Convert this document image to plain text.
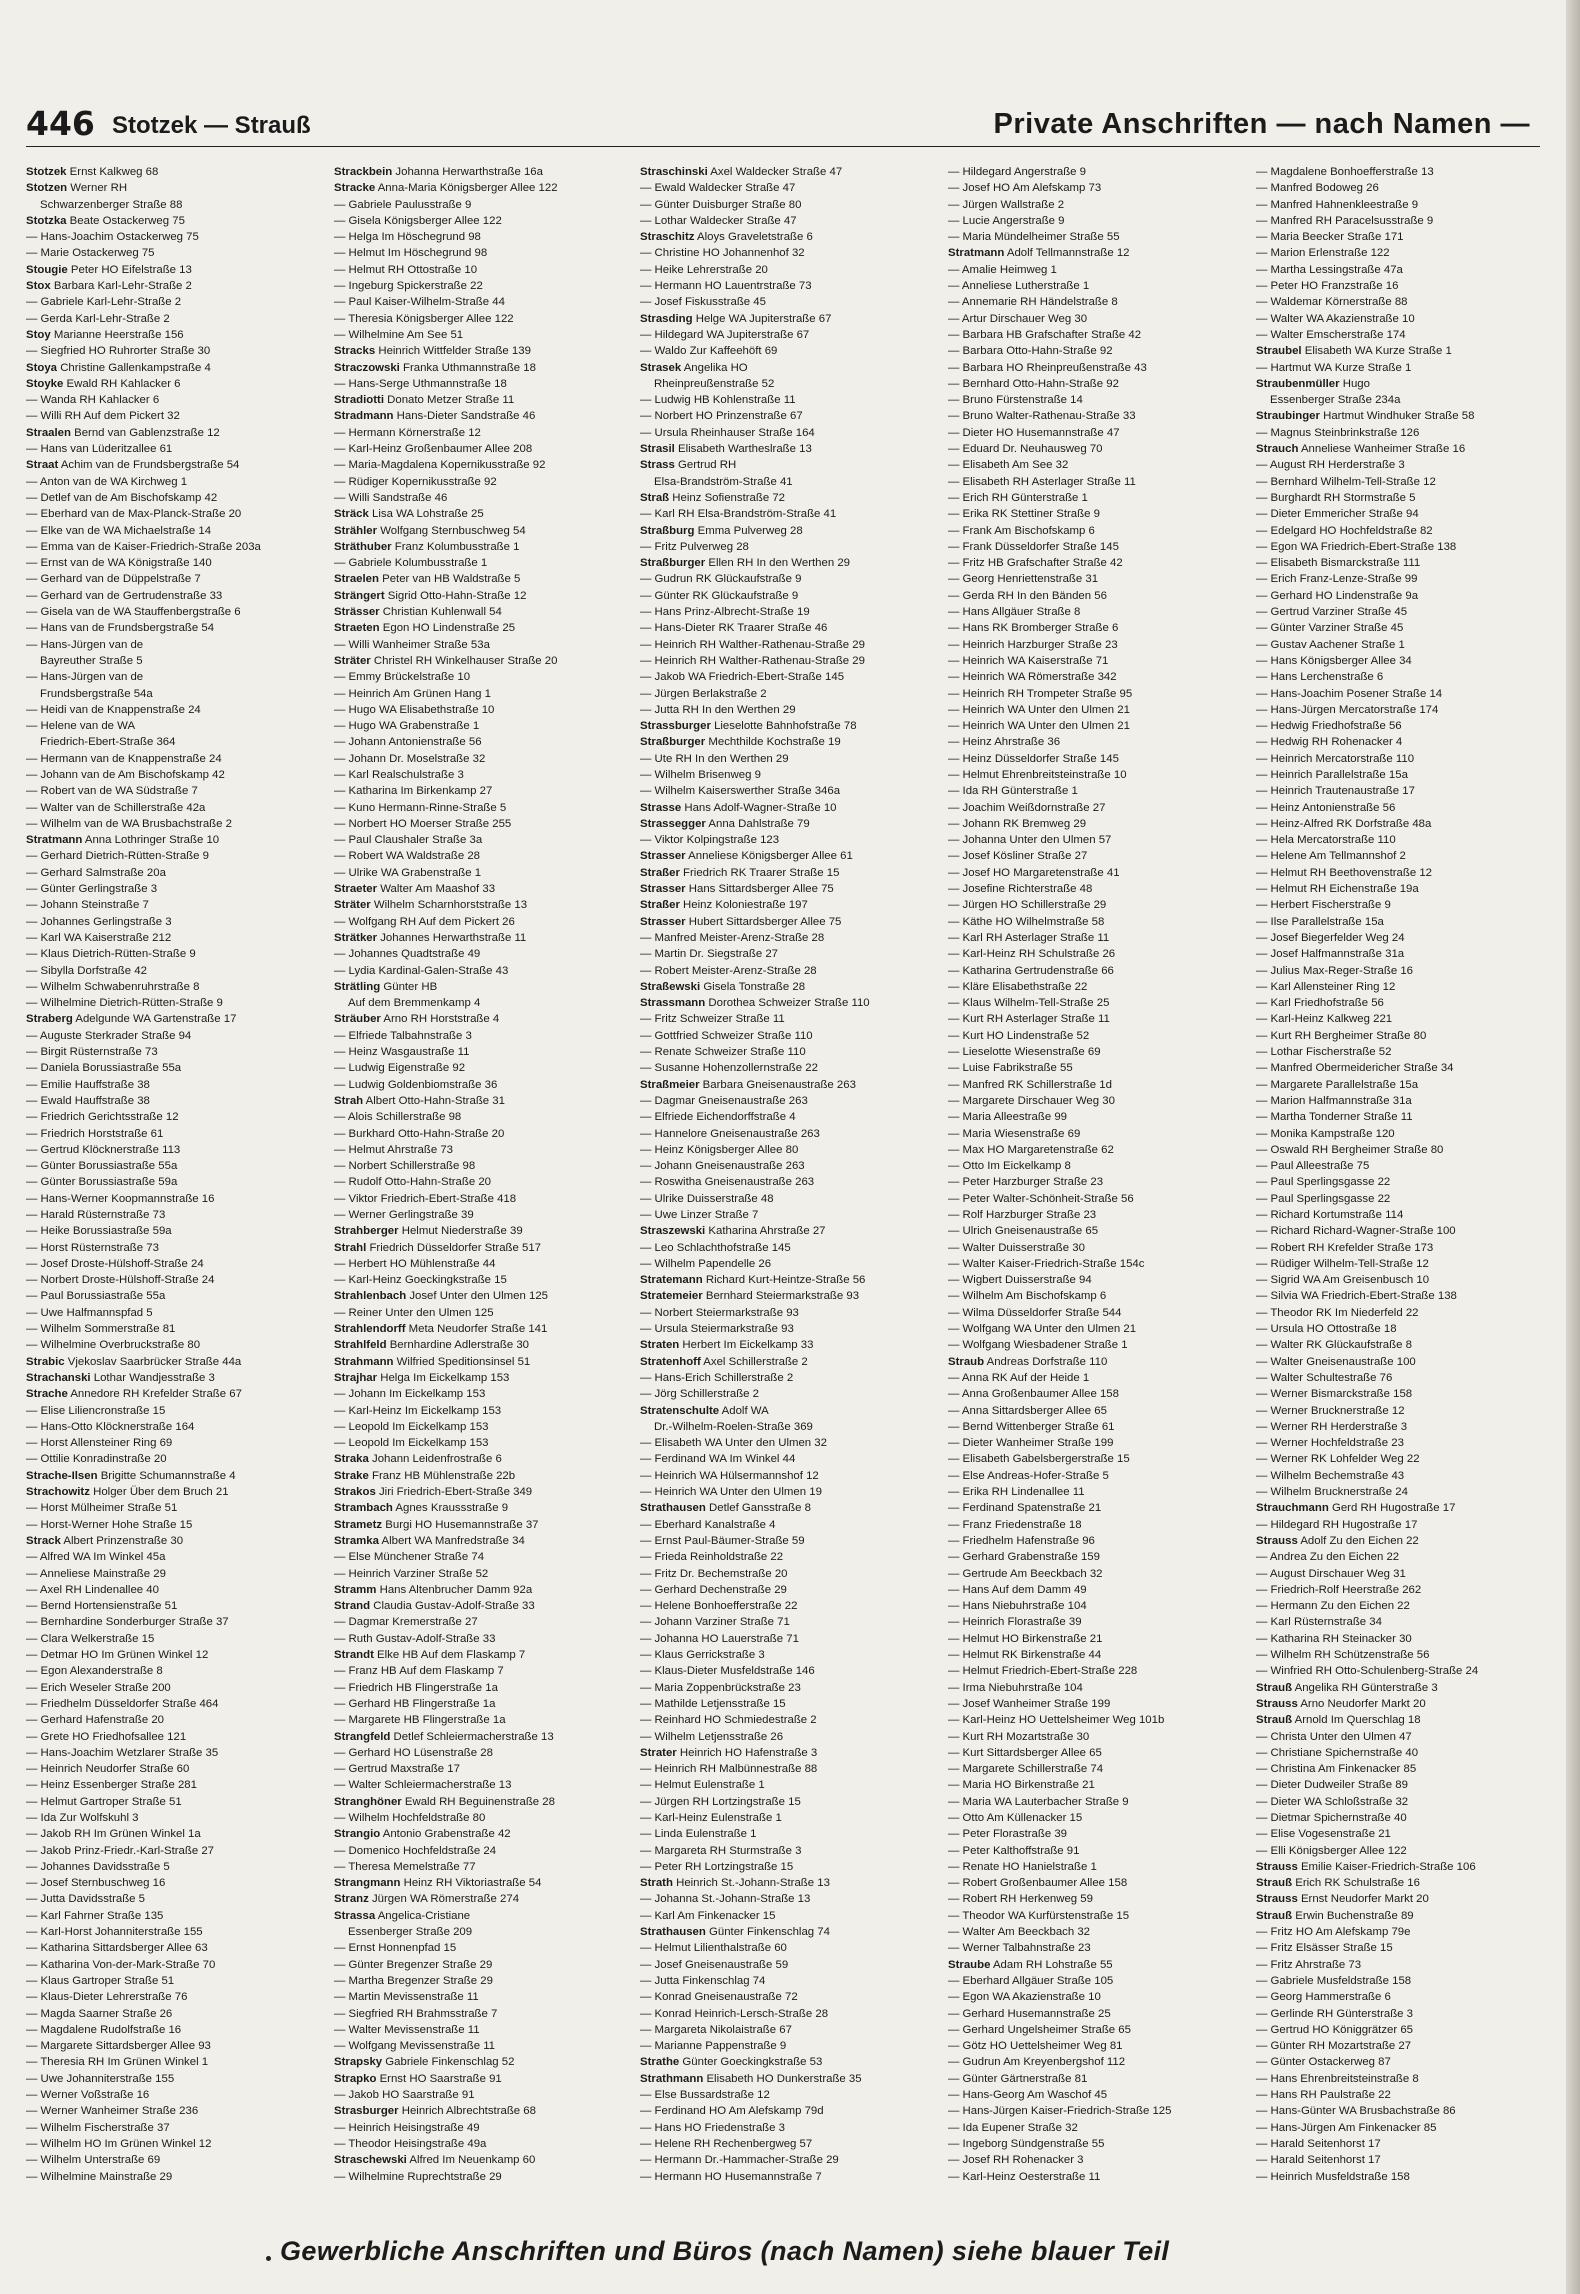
446 Stotzek — Strauß	Private Anschriften — nach Namen —
Stotzek Ernst Kalkweg 68
Stotzen Werner RH
Schwarzenberger Straße 88
Stotzka Beate Ostackerweg 75
— Hans-Joachim Ostackerweg 75
— Marie Ostackerweg 75
Stougie Peter HO Eifelstraße 13
Stox Barbara Karl-Lehr-Straße 2
— Gabriele Karl-Lehr-Straße 2
— Gerda Karl-Lehr-Straße 2
Stoy Marianne Heerstraße 156
— Siegfried HO Ruhrorter Straße 30
Stoya Christine Gallenkampstraße 4
Stoyke Ewald RH Kahlacker 6
— Wanda RH Kahlacker 6
— Willi RH Auf dem Pickert 32
Straalen Bernd van Gablenzstraße 12
— Hans van Lüderitzallee 61
Straat Achim van de Frundsbergstraße 54
— Anton van de WA Kirchweg 1
— Detlef van de Am Bischofskamp 42
— Eberhard van de Max-Planck-Straße 20
— Elke van de WA Michaelstraße 14
— Emma van de Kaiser-Friedrich-Straße 203a
— Ernst van de WA Königstraße 140
— Gerhard van de Düppelstraße 7
— Gerhard van de Gertrudenstraße 33
— Gisela van de WA Stauffenbergstraße 6
— Hans van de Frundsbergstraße 54
— Hans-Jürgen van de
Bayreuther Straße 5
— Hans-Jürgen van de
Frundsbergstraße 54a
— Heidi van de Knappenstraße 24
— Helene van de WA
Friedrich-Ebert-Straße 364
— Hermann van de Knappenstraße 24
— Johann van de Am Bischofskamp 42
— Robert van de WA Südstraße 7
— Walter van de Schillerstraße 42a
— Wilhelm van de WA Brusbachstraße 2
Stratmann Anna Lothringer Straße 10
— Gerhard Dietrich-Rütten-Straße 9
— Gerhard Salmstraße 20a
— Günter Gerlingstraße 3
— Johann Steinstraße 7
— Johannes Gerlingstraße 3
— Karl WA Kaiserstraße 212
— Klaus Dietrich-Rütten-Straße 9
— Sibylla Dorfstraße 42
— Wilhelm Schwabenruhrstraße 8
— Wilhelmine Dietrich-Rütten-Straße 9
Straberg Adelgunde WA Gartenstraße 17
— Auguste Sterkrader Straße 94
— Birgit Rüsternstraße 73
— Daniela Borussiastraße 55a
— Emilie Hauffstraße 38
— Ewald Hauffstraße 38
— Friedrich Gerichtsstraße 12
— Friedrich Horststraße 61
— Gertrud Klöcknerstraße 113
— Günter Borussiastraße 55a
— Günter Borussiastraße 59a
— Hans-Werner Koopmannstraße 16
— Harald Rüsternstraße 73
— Heike Borussiastraße 59a
— Horst Rüsternstraße 73
— Josef Droste-Hülshoff-Straße 24
— Norbert Droste-Hülshoff-Straße 24
— Paul Borussiastraße 55a
— Uwe Halfmannspfad 5
— Wilhelm Sommerstraße 81
— Wilhelmine Overbruckstraße 80
Strabic Vjekoslav Saarbrücker Straße 44a
Strachanski Lothar Wandjesstraße 3
Strache Annedore RH Krefelder Straße 67
— Elise Liliencronstraße 15
— Hans-Otto Klöcknerstraße 164
— Horst Allensteiner Ring 69
— Ottilie Konradinstraße 20
Strache-Ilsen Brigitte Schumannstraße 4
Strachowitz Holger Über dem Bruch 21
— Horst Mülheimer Straße 51
— Horst-Werner Hohe Straße 15
Strack Albert Prinzenstraße 30
— Alfred WA Im Winkel 45a
— Anneliese Mainstraße 29
— Axel RH Lindenallee 40
— Bernd Hortensienstraße 51
— Bernhardine Sonderburger Straße 37
— Clara Welkerstraße 15
— Detmar HO Im Grünen Winkel 12
— Egon Alexanderstraße 8
— Erich Weseler Straße 200
— Friedhelm Düsseldorfer Straße 464
— Gerhard Hafenstraße 20
— Grete HO Friedhofsallee 121
— Hans-Joachim Wetzlarer Straße 35
— Heinrich Neudorfer Straße 60
— Heinz Essenberger Straße 281
— Helmut Gartroper Straße 51
— Ida Zur Wolfskuhl 3
— Jakob RH Im Grünen Winkel 1a
— Jakob Prinz-Friedr.-Karl-Straße 27
— Johannes Davidsstraße 5
— Josef Sternbuschweg 16
— Jutta Davidsstraße 5
— Karl Fahrner Straße 135
— Karl-Horst Johanniterstraße 155
— Katharina Sittardsberger Allee 63
— Katharina Von-der-Mark-Straße 70
— Klaus Gartroper Straße 51
— Klaus-Dieter Lehrerstraße 76
— Magda Saarner Straße 26
— Magdalene Rudolfstraße 16
— Margarete Sittardsberger Allee 93
— Theresia RH Im Grünen Winkel 1
— Uwe Johanniterstraße 155
— Werner Voßstraße 16
— Werner Wanheimer Straße 236
— Wilhelm Fischerstraße 37
— Wilhelm HO Im Grünen Winkel 12
— Wilhelm Unterstraße 69
— Wilhelmine Mainstraße 29
Strackbein Johanna Herwarthstraße 16a
Stracke Anna-Maria Königsberger Allee 122
— Gabriele Paulusstraße 9
— Gisela Königsberger Allee 122
— Helga Im Höschegrund 98
— Helmut Im Höschegrund 98
— Helmut RH Ottostraße 10
— Ingeburg Spickerstraße 22
— Paul Kaiser-Wilhelm-Straße 44
— Theresia Königsberger Allee 122
— Wilhelmine Am See 51
Stracks Heinrich Wittfelder Straße 139
Straczowski Franka Uthmannstraße 18
— Hans-Serge Uthmannstraße 18
Stradiotti Donato Metzer Straße 11
Stradmann Hans-Dieter Sandstraße 46
— Hermann Körnerstraße 12
— Karl-Heinz Großenbaumer Allee 208
— Maria-Magdalena Kopernikusstraße 92
— Rüdiger Kopernikusstraße 92
— Willi Sandstraße 46
Sträck Lisa WA Lohstraße 25
Strähler Wolfgang Sternbuschweg 54
Sträthuber Franz Kolumbusstraße 1
— Gabriele Kolumbusstraße 1
Straelen Peter van HB Waldstraße 5
Strängert Sigrid Otto-Hahn-Straße 12
Strässer Christian Kuhlenwall 54
Straeten Egon HO Lindenstraße 25
— Willi Wanheimer Straße 53a
Sträter Christel RH Winkelhauser Straße 20
— Emmy Brückelstraße 10
— Heinrich Am Grünen Hang 1
— Hugo WA Elisabethstraße 10
— Hugo WA Grabenstraße 1
— Johann Antonienstraße 56
— Johann Dr. Moselstraße 32
— Karl Realschulstraße 3
— Katharina Im Birkenkamp 27
— Kuno Hermann-Rinne-Straße 5
— Norbert HO Moerser Straße 255
— Paul Claushaler Straße 3a
— Robert WA Waldstraße 28
— Ulrike WA Grabenstraße 1
Straeter Walter Am Maashof 33
Sträter Wilhelm Scharnhorststraße 13
— Wolfgang RH Auf dem Pickert 26
Strätker Johannes Herwarthstraße 11
— Johannes Quadtstraße 49
— Lydia Kardinal-Galen-Straße 43
Strätling Günter HB
Auf dem Bremmenkamp 4
Sträuber Arno RH Horststraße 4
— Elfriede Talbahnstraße 3
— Heinz Wasgaustraße 11
— Ludwig Eigenstraße 92
— Ludwig Goldenbiomstraße 36
Strah Albert Otto-Hahn-Straße 31
— Alois Schillerstraße 98
— Burkhard Otto-Hahn-Straße 20
— Helmut Ahrstraße 73
— Norbert Schillerstraße 98
— Rudolf Otto-Hahn-Straße 20
— Viktor Friedrich-Ebert-Straße 418
— Werner Gerlingstraße 39
Strahberger Helmut Niederstraße 39
Strahl Friedrich Düsseldorfer Straße 517
— Herbert HO Mühlenstraße 44
— Karl-Heinz Goeckingkstraße 15
Strahlenbach Josef Unter den Ulmen 125
— Reiner Unter den Ulmen 125
Strahlendorff Meta Neudorfer Straße 141
Strahlfeld Bernhardine Adlerstraße 30
Strahmann Wilfried Speditionsinsel 51
Strajhar Helga Im Eickelkamp 153
— Johann Im Eickelkamp 153
— Karl-Heinz Im Eickelkamp 153
— Leopold Im Eickelkamp 153
— Leopold Im Eickelkamp 153
Straka Johann Leidenfrostraße 6
Strake Franz HB Mühlenstraße 22b
Strakos Jiri Friedrich-Ebert-Straße 349
Strambach Agnes Kraussstraße 9
Strametz Burgi HO Husemannstraße 37
Stramka Albert WA Manfredstraße 34
— Else Münchener Straße 74
— Heinrich Varziner Straße 52
Stramm Hans Altenbrucher Damm 92a
Strand Claudia Gustav-Adolf-Straße 33
— Dagmar Kremerstraße 27
— Ruth Gustav-Adolf-Straße 33
Strandt Elke HB Auf dem Flaskamp 7
— Franz HB Auf dem Flaskamp 7
— Friedrich HB Flingerstraße 1a
— Gerhard HB Flingerstraße 1a
— Margarete HB Flingerstraße 1a
Strangfeld Detlef Schleiermacherstraße 13
— Gerhard HO Lüsenstraße 28
— Gertrud Maxstraße 17
— Walter Schleiermacherstraße 13
Stranghöner Ewald RH Beguinenstraße 28
— Wilhelm Hochfeldstraße 80
Strangio Antonio Grabenstraße 42
— Domenico Hochfeldstraße 24
— Theresa Memelstraße 77
Strangmann Heinz RH Viktoriastraße 54
Stranz Jürgen WA Römerstraße 274
Strassa Angelica-Cristiane
Essenberger Straße 209
— Ernst Honnenpfad 15
— Günter Bregenzer Straße 29
— Martha Bregenzer Straße 29
— Martin Mevissenstraße 11
— Siegfried RH Brahmsstraße 7
— Walter Mevissenstraße 11
— Wolfgang Mevissenstraße 11
Strapsky Gabriele Finkenschlag 52
Strapko Ernst HO Saarstraße 91
— Jakob HO Saarstraße 91
Strasburger Heinrich Albrechtstraße 68
— Heinrich Heisingstraße 49
— Theodor Heisingstraße 49a
Straschewski Alfred Im Neuenkamp 60
— Wilhelmine Ruprechtstraße 29
Straschinski Axel Waldecker Straße 47
— Ewald Waldecker Straße 47
— Günter Duisburger Straße 80
— Lothar Waldecker Straße 47
Straschitz Aloys Graveletstraße 6
— Christine HO Johannenhof 32
— Heike Lehrerstraße 20
— Hermann HO Lauentrstraße 73
— Josef Fiskusstraße 45
Strasding Helge WA Jupiterstraße 67
— Hildegard WA Jupiterstraße 67
— Waldo Zur Kaffeehöft 69
Strasek Angelika HO
Rheinpreußenstraße 52
— Ludwig HB Kohlenstraße 11
— Norbert HO Prinzenstraße 67
— Ursula Rheinhauser Straße 164
Strasil Elisabeth Wartheslraße 13
Strass Gertrud RH
Elsa-Brandström-Straße 41
Straß Heinz Sofienstraße 72
— Karl RH Elsa-Brandström-Straße 41
Straßburg Emma Pulverweg 28
— Fritz Pulverweg 28
Straßburger Ellen RH In den Werthen 29
— Gudrun RK Glückaufstraße 9
— Günter RK Glückaufstraße 9
— Hans Prinz-Albrecht-Straße 19
— Hans-Dieter RK Traarer Straße 46
— Heinrich RH Walther-Rathenau-Straße 29
— Heinrich RH Walther-Rathenau-Straße 29
— Jakob WA Friedrich-Ebert-Straße 145
— Jürgen Berlakstraße 2
— Jutta RH In den Werthen 29
Strassburger Lieselotte Bahnhofstraße 78
Straßburger Mechthilde Kochstraße 19
— Ute RH In den Werthen 29
— Wilhelm Brisenweg 9
— Wilhelm Kaiserswerther Straße 346a
Strasse Hans Adolf-Wagner-Straße 10
Strassegger Anna Dahlstraße 79
— Viktor Kolpingstraße 123
Strasser Anneliese Königsberger Allee 61
Straßer Friedrich RK Traarer Straße 15
Strasser Hans Sittardsberger Allee 75
Straßer Heinz Koloniestraße 197
Strasser Hubert Sittardsberger Allee 75
— Manfred Meister-Arenz-Straße 28
— Martin Dr. Siegstraße 27
— Robert Meister-Arenz-Straße 28
Straßewski Gisela Tonstraße 28
Strassmann Dorothea Schweizer Straße 110
— Fritz Schweizer Straße 11
— Gottfried Schweizer Straße 110
— Renate Schweizer Straße 110
— Susanne Hohenzollernstraße 22
Straßmeier Barbara Gneisenaustraße 263
— Dagmar Gneisenaustraße 263
— Elfriede Eichendorffstraße 4
— Hannelore Gneisenaustraße 263
— Heinz Königsberger Allee 80
— Johann Gneisenaustraße 263
— Roswitha Gneisenaustraße 263
— Ulrike Duisserstraße 48
— Uwe Linzer Straße 7
Straszewski Katharina Ahrstraße 27
— Leo Schlachthofstraße 145
— Wilhelm Papendelle 26
Stratemann Richard Kurt-Heintze-Straße 56
Stratemeier Bernhard Steiermarkstraße 93
— Norbert Steiermarkstraße 93
— Ursula Steiermarkstraße 93
Straten Herbert Im Eickelkamp 33
Stratenhoff Axel Schillerstraße 2
— Hans-Erich Schillerstraße 2
— Jörg Schillerstraße 2
Stratenschulte Adolf WA
Dr.-Wilhelm-Roelen-Straße 369
— Elisabeth WA Unter den Ulmen 32
— Ferdinand WA Im Winkel 44
— Heinrich WA Hülsermannshof 12
— Heinrich WA Unter den Ulmen 19
Strathausen Detlef Gansstraße 8
— Eberhard Kanalstraße 4
— Ernst Paul-Bäumer-Straße 59
— Frieda Reinholdstraße 22
— Fritz Dr. Bechemstraße 20
— Gerhard Dechenstraße 29
— Helene Bonhoefferstraße 22
— Johann Varziner Straße 71
— Johanna HO Lauerstraße 71
— Klaus Gerrickstraße 3
— Klaus-Dieter Musfeldstraße 146
— Maria Zoppenbrückstraße 23
— Mathilde Letjensstraße 15
— Reinhard HO Schmiedestraße 2
— Wilhelm Letjensstraße 26
Strater Heinrich HO Hafenstraße 3
— Heinrich RH Malbünnestraße 88
— Helmut Eulenstraße 1
— Jürgen RH Lortzingstraße 15
— Karl-Heinz Eulenstraße 1
— Linda Eulenstraße 1
— Margareta RH Sturmstraße 3
— Peter RH Lortzingstraße 15
Strath Heinrich St.-Johann-Straße 13
— Johanna St.-Johann-Straße 13
— Karl Am Finkenacker 15
Strathausen Günter Finkenschlag 74
— Helmut Lilienthalstraße 60
— Josef Gneisenaustraße 59
— Jutta Finkenschlag 74
— Konrad Gneisenaustraße 72
— Konrad Heinrich-Lersch-Straße 28
— Margareta Nikolaistraße 67
— Marianne Pappenstraße 9
Strathe Günter Goeckingkstraße 53
Strathmann Elisabeth HO Dunkerstraße 35
— Else Bussardstraße 12
— Ferdinand HO Am Alefskamp 79d
— Hans HO Friedenstraße 3
— Helene RH Rechenbergweg 57
— Hermann Dr.-Hammacher-Straße 29
— Hermann HO Husemannstraße 7
— Hildegard Angerstraße 9
— Josef HO Am Alefskamp 73
— Jürgen Wallstraße 2
— Lucie Angerstraße 9
— Maria Mündelheimer Straße 55
Stratmann Adolf Tellmannstraße 12
— Amalie Heimweg 1
— Anneliese Lutherstraße 1
— Annemarie RH Händelstraße 8
— Artur Dirschauer Weg 30
— Barbara HB Grafschafter Straße 42
— Barbara Otto-Hahn-Straße 92
— Barbara HO Rheinpreußenstraße 43
— Bernhard Otto-Hahn-Straße 92
— Bruno Fürstenstraße 14
— Bruno Walter-Rathenau-Straße 33
— Dieter HO Husemannstraße 47
— Eduard Dr. Neuhausweg 70
— Elisabeth Am See 32
— Elisabeth RH Asterlager Straße 11
— Erich RH Günterstraße 1
— Erika RK Stettiner Straße 9
— Frank Am Bischofskamp 6
— Frank Düsseldorfer Straße 145
— Fritz HB Grafschafter Straße 42
— Georg Henriettenstraße 31
— Gerda RH In den Bänden 56
— Hans Allgäuer Straße 8
— Hans RK Bromberger Straße 6
— Heinrich Harzburger Straße 23
— Heinrich WA Kaiserstraße 71
— Heinrich WA Römerstraße 342
— Heinrich RH Trompeter Straße 95
— Heinrich WA Unter den Ulmen 21
— Heinrich WA Unter den Ulmen 21
— Heinz Ahrstraße 36
— Heinz Düsseldorfer Straße 145
— Helmut Ehrenbreitsteinstraße 10
— Ida RH Günterstraße 1
— Joachim Weißdornstraße 27
— Johann RK Bremweg 29
— Johanna Unter den Ulmen 57
— Josef Kösliner Straße 27
— Josef HO Margaretenstraße 41
— Josefine Richterstraße 48
— Jürgen HO Schillerstraße 29
— Käthe HO Wilhelmstraße 58
— Karl RH Asterlager Straße 11
— Karl-Heinz RH Schulstraße 26
— Katharina Gertrudenstraße 66
— Kläre Elisabethstraße 22
— Klaus Wilhelm-Tell-Straße 25
— Kurt RH Asterlager Straße 11
— Kurt HO Lindenstraße 52
— Lieselotte Wiesenstraße 69
— Luise Fabrikstraße 55
— Manfred RK Schillerstraße 1d
— Margarete Dirschauer Weg 30
— Maria Alleestraße 99
— Maria Wiesenstraße 69
— Max HO Margaretenstraße 62
— Otto Im Eickelkamp 8
— Peter Harzburger Straße 23
— Peter Walter-Schönheit-Straße 56
— Rolf Harzburger Straße 23
— Ulrich Gneisenaustraße 65
— Walter Duisserstraße 30
— Walter Kaiser-Friedrich-Straße 154c
— Wigbert Duisserstraße 94
— Wilhelm Am Bischofskamp 6
— Wilma Düsseldorfer Straße 544
— Wolfgang WA Unter den Ulmen 21
— Wolfgang Wiesbadener Straße 1
Straub Andreas Dorfstraße 110
— Anna RK Auf der Heide 1
— Anna Großenbaumer Allee 158
— Anna Sittardsberger Allee 65
— Bernd Wittenberger Straße 61
— Dieter Wanheimer Straße 199
— Elisabeth Gabelsbergerstraße 15
— Else Andreas-Hofer-Straße 5
— Erika RH Lindenallee 11
— Ferdinand Spatenstraße 21
— Franz Friedenstraße 18
— Friedhelm Hafenstraße 96
— Gerhard Grabenstraße 159
— Gertrude Am Beeckbach 32
— Hans Auf dem Damm 49
— Hans Niebuhrstraße 104
— Heinrich Florastraße 39
— Helmut HO Birkenstraße 21
— Helmut RK Birkenstraße 44
— Helmut Friedrich-Ebert-Straße 228
— Irma Niebuhrstraße 104
— Josef Wanheimer Straße 199
— Karl-Heinz HO Uettelsheimer Weg 101b
— Kurt RH Mozartstraße 30
— Kurt Sittardsberger Allee 65
— Margarete Schillerstraße 74
— Maria HO Birkenstraße 21
— Maria WA Lauterbacher Straße 9
— Otto Am Küllenacker 15
— Peter Florastraße 39
— Peter Kalthoffstraße 91
— Renate HO Hanielstraße 1
— Robert Großenbaumer Allee 158
— Robert RH Herkenweg 59
— Theodor WA Kurfürstenstraße 15
— Walter Am Beeckbach 32
— Werner Talbahnstraße 23
Straube Adam RH Lohstraße 55
— Eberhard Allgäuer Straße 105
— Egon WA Akazienstraße 10
— Gerhard Husemannstraße 25
— Gerhard Ungelsheimer Straße 65
— Götz HO Uettelsheimer Weg 81
— Gudrun Am Kreyenbergshof 112
— Günter Gärtnerstraße 81
— Hans-Georg Am Waschof 45
— Hans-Jürgen Kaiser-Friedrich-Straße 125
— Ida Eupener Straße 32
— Ingeborg Sündgenstraße 55
— Josef RH Rohenacker 3
— Karl-Heinz Oesterstraße 11
— Magdalene Bonhoefferstraße 13
— Manfred Bodoweg 26
— Manfred Hahnenkleestraße 9
— Manfred RH Paracelsusstraße 9
— Maria Beecker Straße 171
— Marion Erlenstraße 122
— Martha Lessingstraße 47a
— Peter HO Franzstraße 16
— Waldemar Körnerstraße 88
— Walter WA Akazienstraße 10
— Walter Emscherstraße 174
Straubel Elisabeth WA Kurze Straße 1
— Hartmut WA Kurze Straße 1
Straubenmüller Hugo
Essenberger Straße 234a
Straubinger Hartmut Windhuker Straße 58
— Magnus Steinbrinkstraße 126
Strauch Anneliese Wanheimer Straße 16
— August RH Herderstraße 3
— Bernhard Wilhelm-Tell-Straße 12
— Burghardt RH Stormstraße 5
— Dieter Emmericher Straße 94
— Edelgard HO Hochfeldstraße 82
— Egon WA Friedrich-Ebert-Straße 138
— Elisabeth Bismarckstraße 111
— Erich Franz-Lenze-Straße 99
— Gerhard HO Lindenstraße 9a
— Gertrud Varziner Straße 45
— Günter Varziner Straße 45
— Gustav Aachener Straße 1
— Hans Königsberger Allee 34
— Hans Lerchenstraße 6
— Hans-Joachim Posener Straße 14
— Hans-Jürgen Mercatorstraße 174
— Hedwig Friedhofstraße 56
— Hedwig RH Rohenacker 4
— Heinrich Mercatorstraße 110
— Heinrich Parallelstraße 15a
— Heinrich Trautenaustraße 17
— Heinz Antonienstraße 56
— Heinz-Alfred RK Dorfstraße 48a
— Hela Mercatorstraße 110
— Helene Am Tellmannshof 2
— Helmut RH Beethovenstraße 12
— Helmut RH Eichenstraße 19a
— Herbert Fischerstraße 9
— Ilse Parallelstraße 15a
— Josef Biegerfelder Weg 24
— Josef Halfmannstraße 31a
— Julius Max-Reger-Straße 16
— Karl Allensteiner Ring 12
— Karl Friedhofstraße 56
— Karl-Heinz Kalkweg 221
— Kurt RH Bergheimer Straße 80
— Lothar Fischerstraße 52
— Manfred Obermeidericher Straße 34
— Margarete Parallelstraße 15a
— Marion Halfmannstraße 31a
— Martha Tonderner Straße 11
— Monika Kampstraße 120
— Oswald RH Bergheimer Straße 80
— Paul Alleestraße 75
— Paul Sperlingsgasse 22
— Paul Sperlingsgasse 22
— Richard Kortumstraße 114
— Richard Richard-Wagner-Straße 100
— Robert RH Krefelder Straße 173
— Rüdiger Wilhelm-Tell-Straße 12
— Sigrid WA Am Greisenbusch 10
— Silvia WA Friedrich-Ebert-Straße 138
— Theodor RK Im Niederfeld 22
— Ursula HO Ottostraße 18
— Walter RK Glückaufstraße 8
— Walter Gneisenaustraße 100
— Walter Schultestraße 76
— Werner Bismarckstraße 158
— Werner Brucknerstraße 12
— Werner RH Herderstraße 3
— Werner Hochfeldstraße 23
— Werner RK Lohfelder Weg 22
— Wilhelm Bechemstraße 43
— Wilhelm Brucknerstraße 24
Strauchmann Gerd RH Hugostraße 17
— Hildegard RH Hugostraße 17
Strauss Adolf Zu den Eichen 22
— Andrea Zu den Eichen 22
— August Dirschauer Weg 31
— Friedrich-Rolf Heerstraße 262
— Hermann Zu den Eichen 22
— Karl Rüsternstraße 34
— Katharina RH Steinacker 30
— Wilhelm RH Schützenstraße 56
— Winfried RH Otto-Schulenberg-Straße 24
Strauß Angelika RH Günterstraße 3
Strauss Arno Neudorfer Markt 20
Strauß Arnold Im Querschlag 18
— Christa Unter den Ulmen 47
— Christiane Spichernstraße 40
— Christina Am Finkenacker 85
— Dieter Dudweiler Straße 89
— Dieter WA Schloßstraße 32
— Dietmar Spichernstraße 40
— Elise Vogesenstraße 21
— Elli Königsberger Allee 122
Strauss Emilie Kaiser-Friedrich-Straße 106
Strauß Erich RK Schulstraße 16
Strauss Ernst Neudorfer Markt 20
Strauß Erwin Buchenstraße 89
— Fritz HO Am Alefskamp 79e
— Fritz Elsässer Straße 15
— Fritz Ahrstraße 73
— Gabriele Musfeldstraße 158
— Georg Hammerstraße 6
— Gerlinde RH Günterstraße 3
— Gertrud HO Königgrätzer 65
— Günter RH Mozartstraße 27
— Günter Ostackerweg 87
— Hans Ehrenbreitsteinstraße 8
— Hans RH Paulstraße 22
— Hans-Günter WA Brusbachstraße 86
— Hans-Jürgen Am Finkenacker 85
— Harald Seitenhorst 17
— Harald Seitenhorst 17
— Heinrich Musfeldstraße 158
Gewerbliche Anschriften und Büros (nach Namen) siehe blauer Teil
